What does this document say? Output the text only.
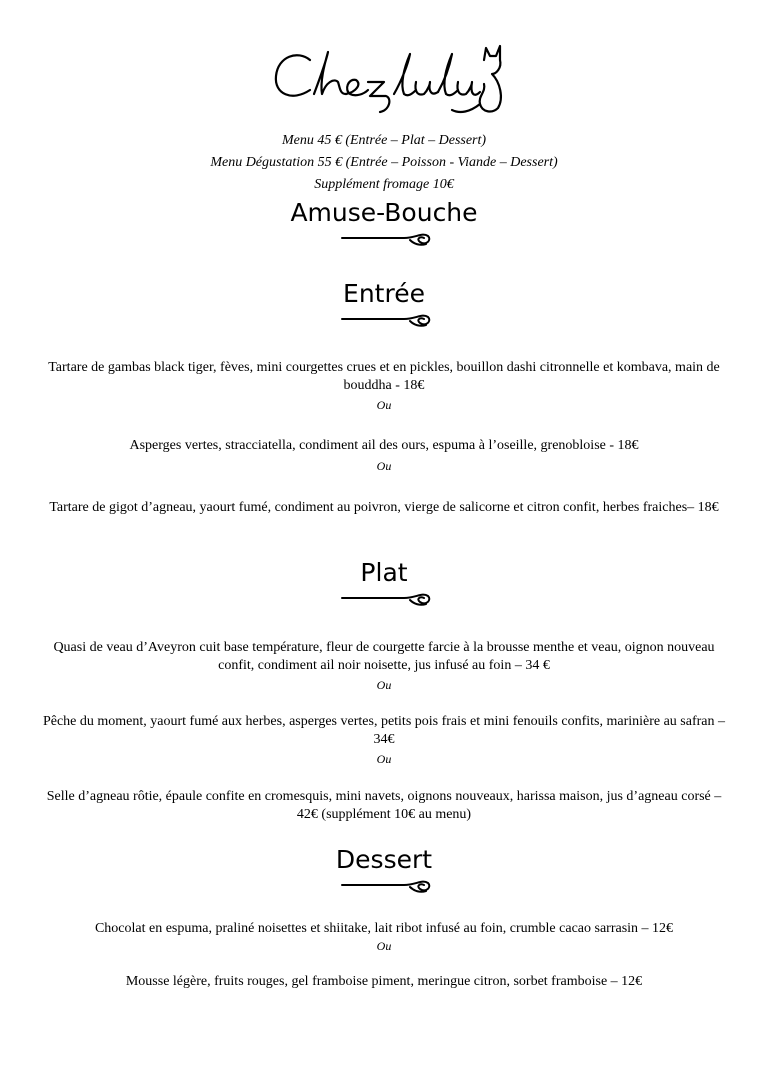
Menu 45 € (Entrée – Plat – Dessert)
Menu Dégustation 55 € (Entrée – Poisson - Viande – Dessert)
Supplément fromage 10€
Amuse-Bouche
Entrée
Tartare de gambas black tiger, fèves, mini courgettes crues et en pickles, bouillon dashi citronnelle et kombava, main de bouddha - 18€
Ou
Asperges vertes, stracciatella, condiment ail des ours, espuma à l’oseille, grenobloise - 18€
Ou
Tartare de gigot d’agneau, yaourt fumé, condiment au poivron, vierge de salicorne et citron confit, herbes fraiches– 18€
Plat
Quasi de veau d’Aveyron cuit base température, fleur de courgette farcie à la brousse menthe et veau, oignon nouveau confit, condiment ail noir noisette, jus infusé au foin – 34 €
Ou
Pêche du moment, yaourt fumé aux herbes, asperges vertes, petits pois frais et mini fenouils confits, marinière au safran – 34€
Ou
Selle d’agneau rôtie, épaule confite en cromesquis, mini navets, oignons nouveaux, harissa maison, jus d’agneau corsé – 42€ (supplément 10€ au menu)
Dessert
Chocolat en espuma, praliné noisettes et shiitake, lait ribot infusé au foin, crumble cacao sarrasin – 12€
Ou
Mousse légère, fruits rouges, gel framboise piment, meringue citron, sorbet framboise – 12€
